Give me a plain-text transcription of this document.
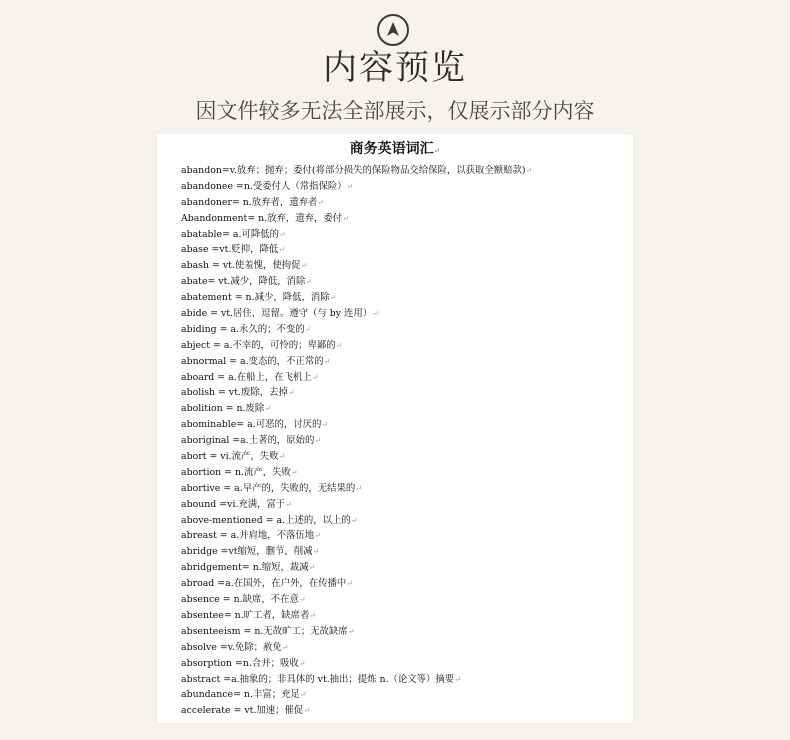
内容预览
因文件较多无法全部展示，仅展示部分内容
商务英语词汇↵
abandon=v.放弃；抛弃；委付(将部分损失的保险物品交给保险，以获取全额赔款)↵
abandonee =n.受委付人（常指保险）↵
abandoner= n.放弃者，遗弃者↵
Abandonment= n.放弃，遗弃，委付↵
abatable= a.可降低的↵
abase =vt.贬抑，降低↵
abash = vt.使羞愧，使拘促↵
abate= vt.减少，降低，消除↵
abatement = n.减少，降低，消除↵
abide = vt.居住，逗留。遵守（与 by 连用）↵
abiding = a.永久的；不变的↵
abject = a.不幸的，可怜的；卑鄙的↵
abnormal = a.变态的，不正常的↵
aboard = a.在船上，在飞机上↵
abolish = vt.废除，去掉↵
abolition = n.废除↵
abominable= a.可恶的，讨厌的↵
aboriginal =a.土著的，原始的↵
abort = vi.流产，失败↵
abortion = n.流产，失败↵
abortive = a.早产的，失败的，无结果的↵
abound =vi.充满，富于↵
above-mentioned = a.上述的，以上的↵
abreast = a.并肩地，不落伍地↵
abridge =vt缩短，删节，削减↵
abridgement= n.缩短，裁减↵
abroad =a.在国外，在户外，在传播中↵
absence = n.缺席，不在意↵
absentee= n.旷工者，缺席者↵
absenteeism = n.无故旷工；无故缺席↵
absolve =v.免除；赦免↵
absorption =n.合并；吸收↵
abstract =a.抽象的；非具体的 vt.抽出；提炼 n.（论文等）摘要↵
abundance= n.丰富；充足↵
accelerate = vt.加速；催促↵
